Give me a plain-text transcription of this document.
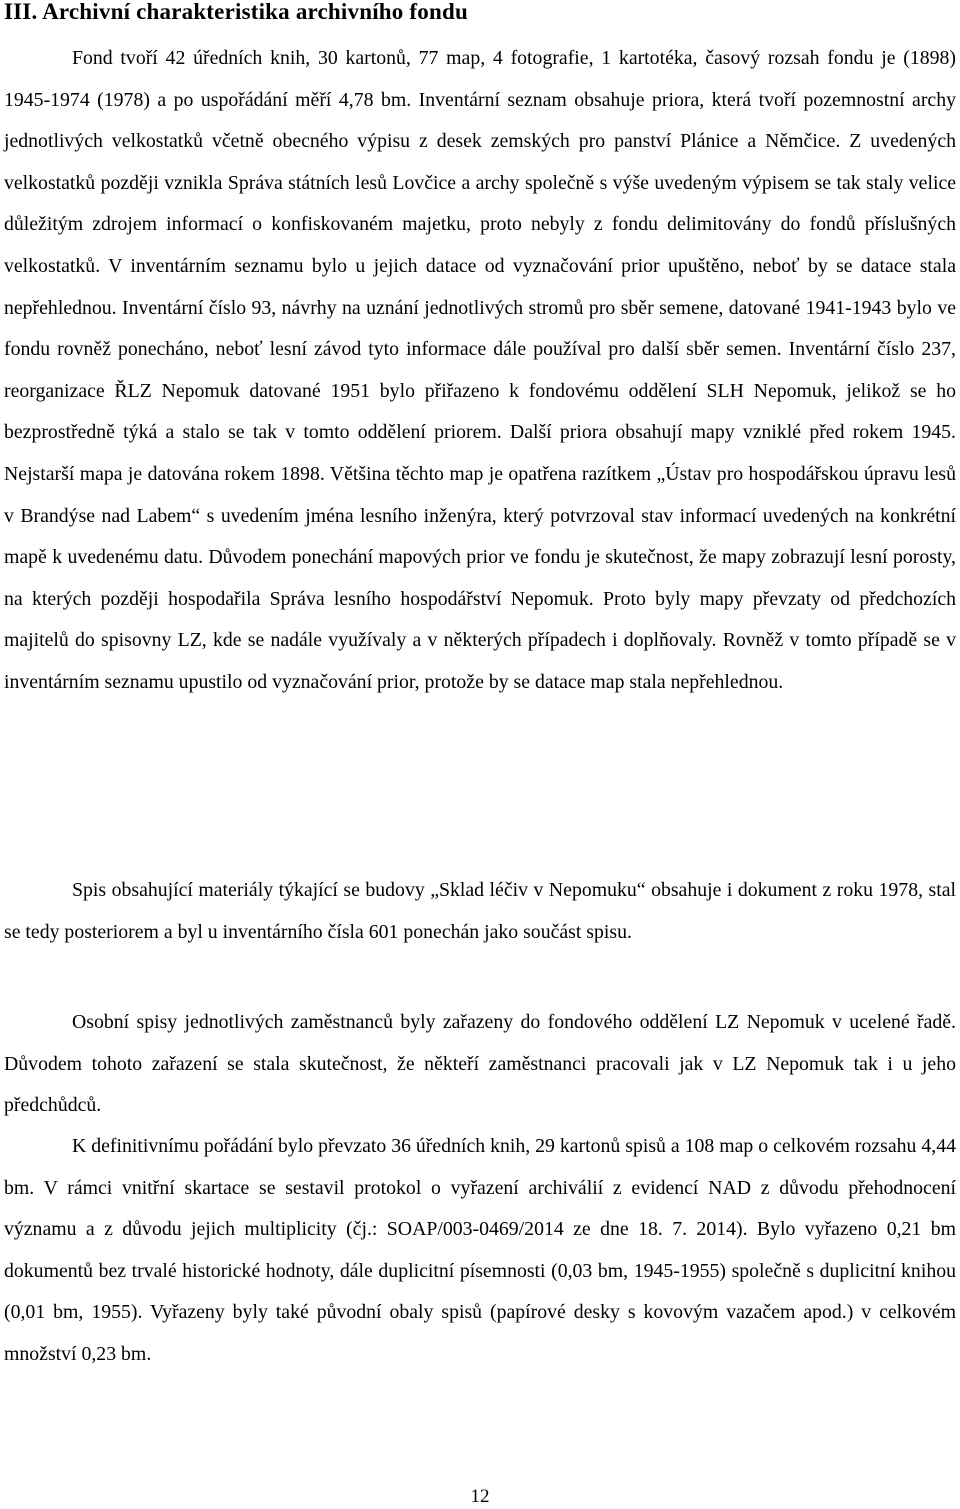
III. Archivní charakteristika archivního fondu

Fond tvoří 42 úředních knih, 30 kartonů, 77 map, 4 fotografie, 1 kartotéka, časový rozsah fondu je (1898) 1945-1974 (1978) a po uspořádání měří 4,78 bm. Inventární seznam obsahuje priora, která tvoří pozemnostní archy jednotlivých velkostatků včetně obecného výpisu z desek zemských pro panství Plánice a Němčice. Z uvedených velkostatků později vznikla Správa státních lesů Lovčice a archy společně s výše uvedeným výpisem se tak staly velice důležitým zdrojem informací o konfiskovaném majetku, proto nebyly z fondu delimitovány do fondů příslušných velkostatků. V inventárním seznamu bylo u jejich datace od vyznačování prior upuštěno, neboť by se datace stala nepřehlednou. Inventární číslo 93, návrhy na uznání jednotlivých stromů pro sběr semene, datované 1941-1943 bylo ve fondu rovněž ponecháno, neboť lesní závod tyto informace dále používal pro další sběr semen. Inventární číslo 237, reorganizace ŘLZ Nepomuk datované 1951 bylo přiřazeno k fondovému oddělení SLH Nepomuk, jelikož se ho bezprostředně týká a stalo se tak v tomto oddělení priorem. Další priora obsahují mapy vzniklé před rokem 1945. Nejstarší mapa je datována rokem 1898. Většina těchto map je opatřena razítkem „Ústav pro hospodářskou úpravu lesů v Brandýse nad Labem“ s uvedením jména lesního inženýra, který potvrzoval stav informací uvedených na konkrétní mapě k uvedenému datu. Důvodem ponechání mapových prior ve fondu je skutečnost, že mapy zobrazují lesní porosty, na kterých později hospodařila Správa lesního hospodářství Nepomuk. Proto byly mapy převzaty od předchozích majitelů do spisovny LZ, kde se nadále využívaly a v některých případech i doplňovaly. Rovněž v tomto případě se v inventárním seznamu upustilo od vyznačování prior, protože by se datace map stala nepřehlednou.

Spis obsahující materiály týkající se budovy „Sklad léčiv v Nepomuku“ obsahuje i dokument z roku 1978, stal se tedy posteriorem a byl u inventárního čísla 601 ponechán jako součást spisu.

Osobní spisy jednotlivých zaměstnanců byly zařazeny do fondového oddělení LZ Nepomuk v ucelené řadě. Důvodem tohoto zařazení se stala skutečnost, že někteří zaměstnanci pracovali jak v LZ Nepomuk tak i u jeho předchůdců.

K definitivnímu pořádání bylo převzato 36 úředních knih, 29 kartonů spisů a 108 map o celkovém rozsahu 4,44 bm. V rámci vnitřní skartace se sestavil protokol o vyřazení archiválií z evidencí NAD z důvodu přehodnocení významu a z důvodu jejich multiplicity (čj.: SOAP/003-0469/2014 ze dne 18. 7. 2014). Bylo vyřazeno 0,21 bm dokumentů bez trvalé historické hodnoty, dále duplicitní písemnosti (0,03 bm, 1945-1955) společně s duplicitní knihou (0,01 bm, 1955). Vyřazeny byly také původní obaly spisů (papírové desky s kovovým vazačem apod.) v celkovém množství 0,23 bm.

12
